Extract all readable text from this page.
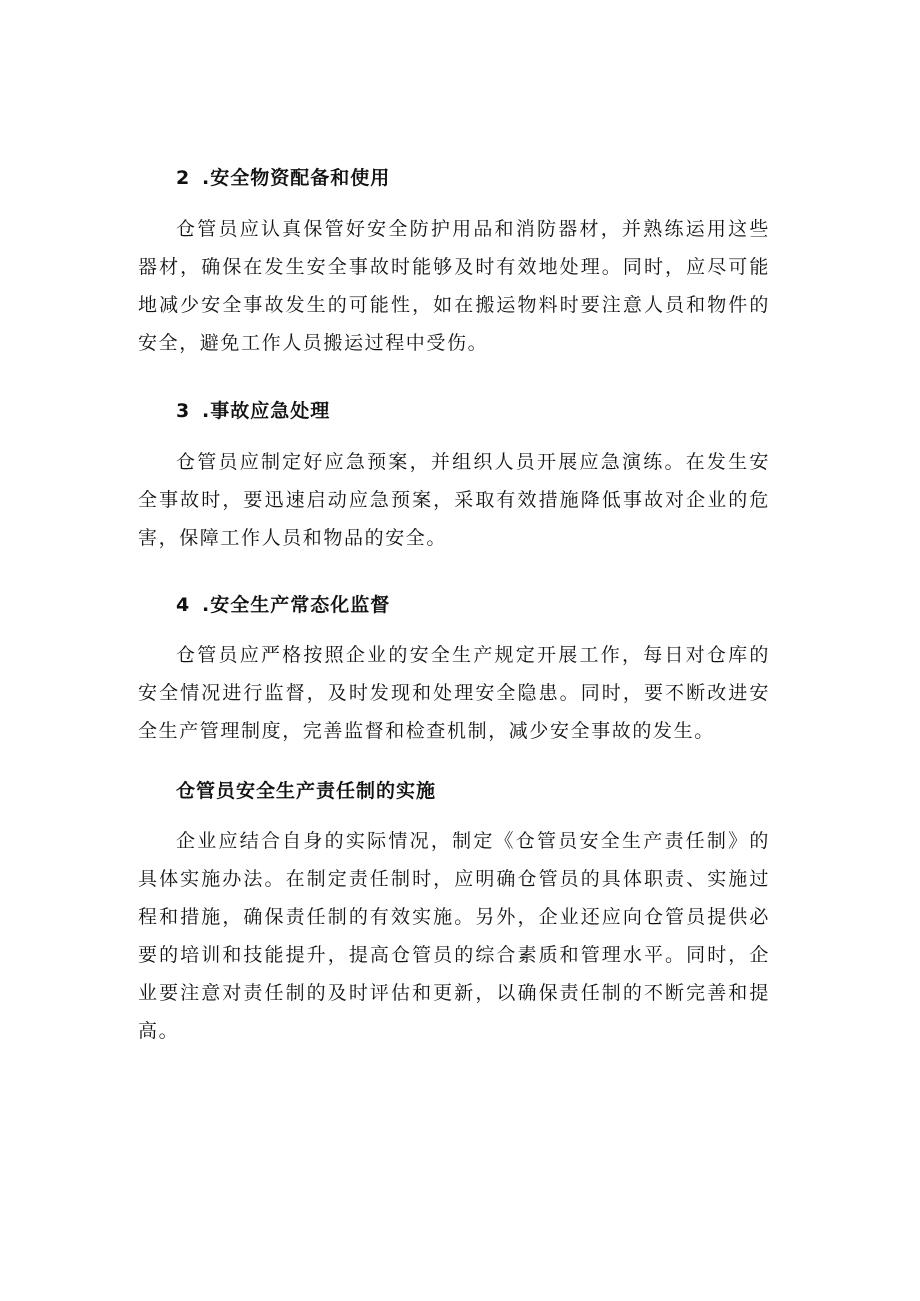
2 .安全物资配备和使用

仓管员应认真保管好安全防护用品和消防器材，并熟练运用这些器材，确保在发生安全事故时能够及时有效地处理。同时，应尽可能地减少安全事故发生的可能性，如在搬运物料时要注意人员和物件的安全，避免工作人员搬运过程中受伤。

3 .事故应急处理

仓管员应制定好应急预案，并组织人员开展应急演练。在发生安全事故时，要迅速启动应急预案，采取有效措施降低事故对企业的危害，保障工作人员和物品的安全。

4 .安全生产常态化监督

仓管员应严格按照企业的安全生产规定开展工作，每日对仓库的安全情况进行监督，及时发现和处理安全隐患。同时，要不断改进安全生产管理制度，完善监督和检查机制，减少安全事故的发生。

仓管员安全生产责任制的实施

企业应结合自身的实际情况，制定《仓管员安全生产责任制》的具体实施办法。在制定责任制时，应明确仓管员的具体职责、实施过程和措施，确保责任制的有效实施。另外，企业还应向仓管员提供必要的培训和技能提升，提高仓管员的综合素质和管理水平。同时，企业要注意对责任制的及时评估和更新，以确保责任制的不断完善和提高。
